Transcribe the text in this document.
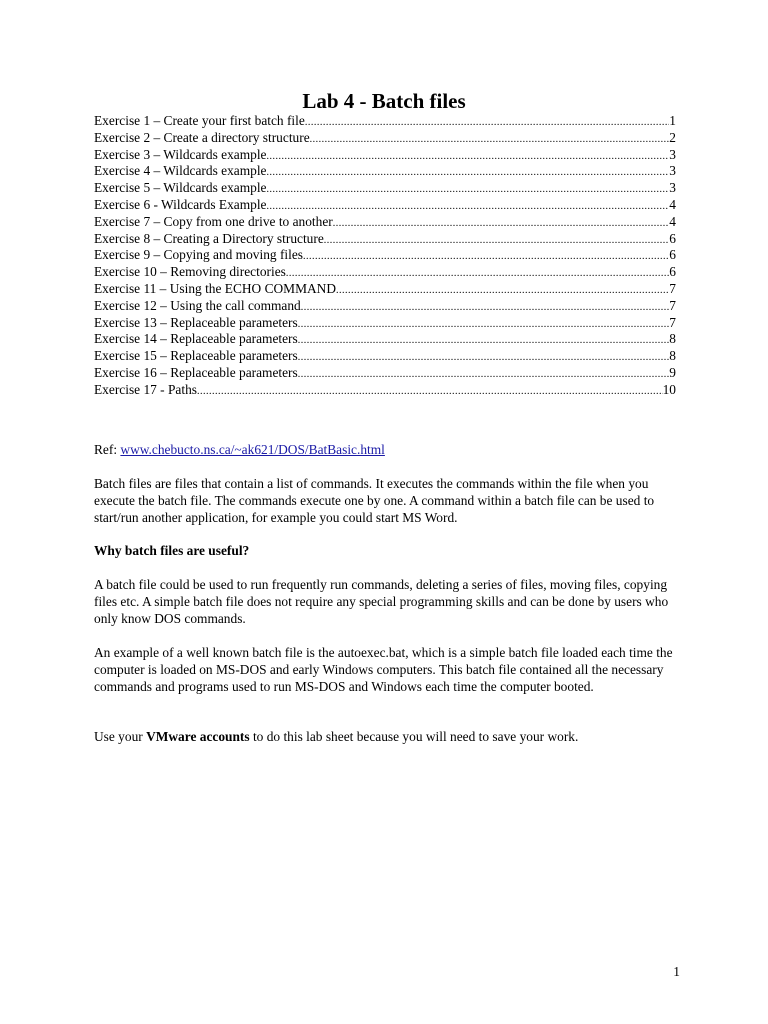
Lab 4 - Batch files
Exercise 1 – Create your first batch file .....	1
Exercise 2 – Create a directory structure .....	2
Exercise 3 – Wildcards example .....	3
Exercise 4 – Wildcards example .....	3
Exercise 5 – Wildcards example .....	3
Exercise 6 - Wildcards Example .....	4
Exercise 7 – Copy from one drive to another .....	4
Exercise 8 – Creating a Directory structure .....	6
Exercise 9 – Copying and moving files .....	6
Exercise 10 – Removing directories .....	6
Exercise 11 – Using the ECHO COMMAND .....	7
Exercise 12 – Using the call command .....	7
Exercise 13 – Replaceable parameters .....	7
Exercise 14 – Replaceable parameters .....	8
Exercise 15 – Replaceable parameters .....	8
Exercise 16 – Replaceable parameters .....	9
Exercise 17 - Paths .....	10

Ref: www.chebucto.ns.ca/~ak621/DOS/BatBasic.html

Batch files are files that contain a list of commands. It executes the commands within the file when you execute the batch file. The commands execute one by one. A command within a batch file can be used to start/run another application, for example you could start MS Word.

Why batch files are useful?

A batch file could be used to run frequently run commands, deleting a series of files, moving files, copying files etc. A simple batch file does not require any special programming skills and can be done by users who only know DOS commands.

An example of a well known batch file is the autoexec.bat, which is a simple batch file loaded each time the computer is loaded on MS-DOS and early Windows computers. This batch file contained all the necessary commands and programs used to run MS-DOS and Windows each time the computer booted.

Use your VMware accounts to do this lab sheet because you will need to save your work.

1
